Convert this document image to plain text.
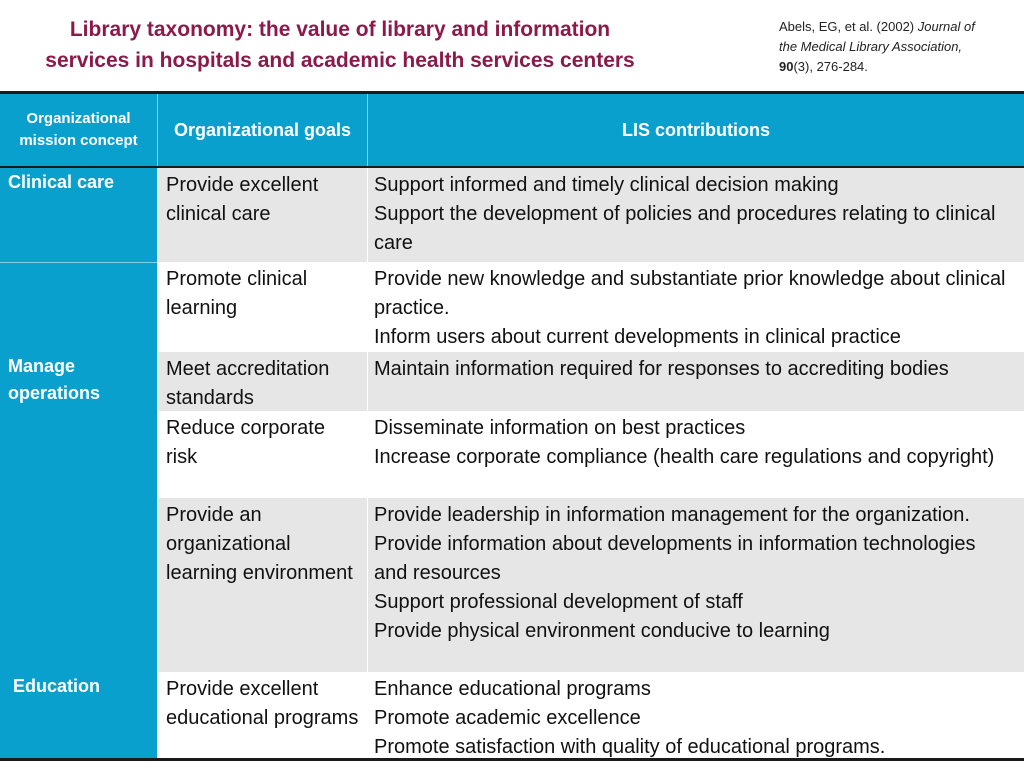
Library taxonomy: the value of library and information
services in hospitals and academic health services centers
Abels, EG, et al. (2002) Journal of
the Medical Library Association,
90(3), 276-284.
Organizational mission concept
Organizational goals	LIS contributions
Clinical care
Manage operations
Education
Provide excellent clinical care
Support informed and timely clinical decision making
Support the development of policies and procedures relating to clinical care
Promote clinical learning
Provide new knowledge and substantiate prior knowledge about clinical practice.
Inform users about current developments in clinical practice
Meet accreditation standards
Maintain information required for responses to accrediting bodies
Reduce corporate risk
Disseminate information on best practices
Increase corporate compliance (health care regulations and copyright)
Provide an organizational learning environment
Provide leadership in information management for the organization.
Provide information about developments in information technologies and resources
Support professional development of staff
Provide physical environment conducive to learning
Provide excellent educational programs
Enhance educational programs
Promote academic excellence
Promote satisfaction with quality of educational programs.
